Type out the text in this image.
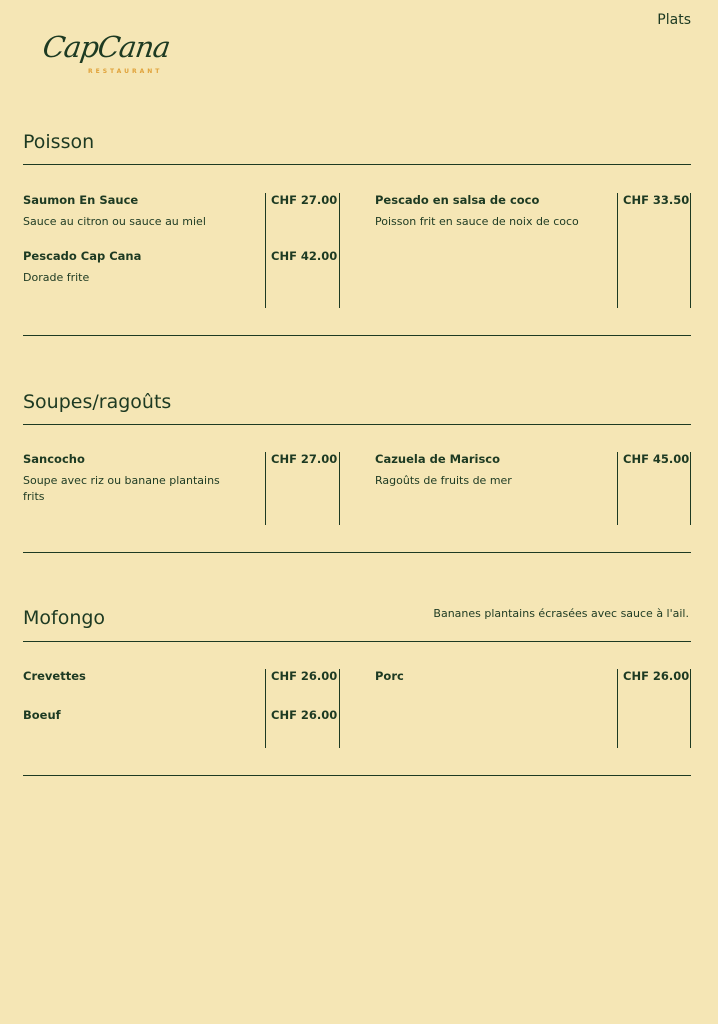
Plats
CapCana
RESTAURANT
Poisson
Saumon En Sauce
Sauce au citron ou sauce au miel
CHF 27.00
Pescado Cap Cana
Dorade frite
CHF 42.00
Pescado en salsa de coco
Poisson frit en sauce de noix de coco
CHF 33.50
Soupes/ragoûts
Sancocho
Soupe avec riz ou banane plantains frits
CHF 27.00	Cazuela de Marisco
Ragoûts de fruits de mer
CHF 45.00
Mofongo	Bananes plantains écrasées avec sauce à l'ail.
Crevettes	CHF 26.00
Boeuf	CHF 26.00
Porc	CHF 26.00
